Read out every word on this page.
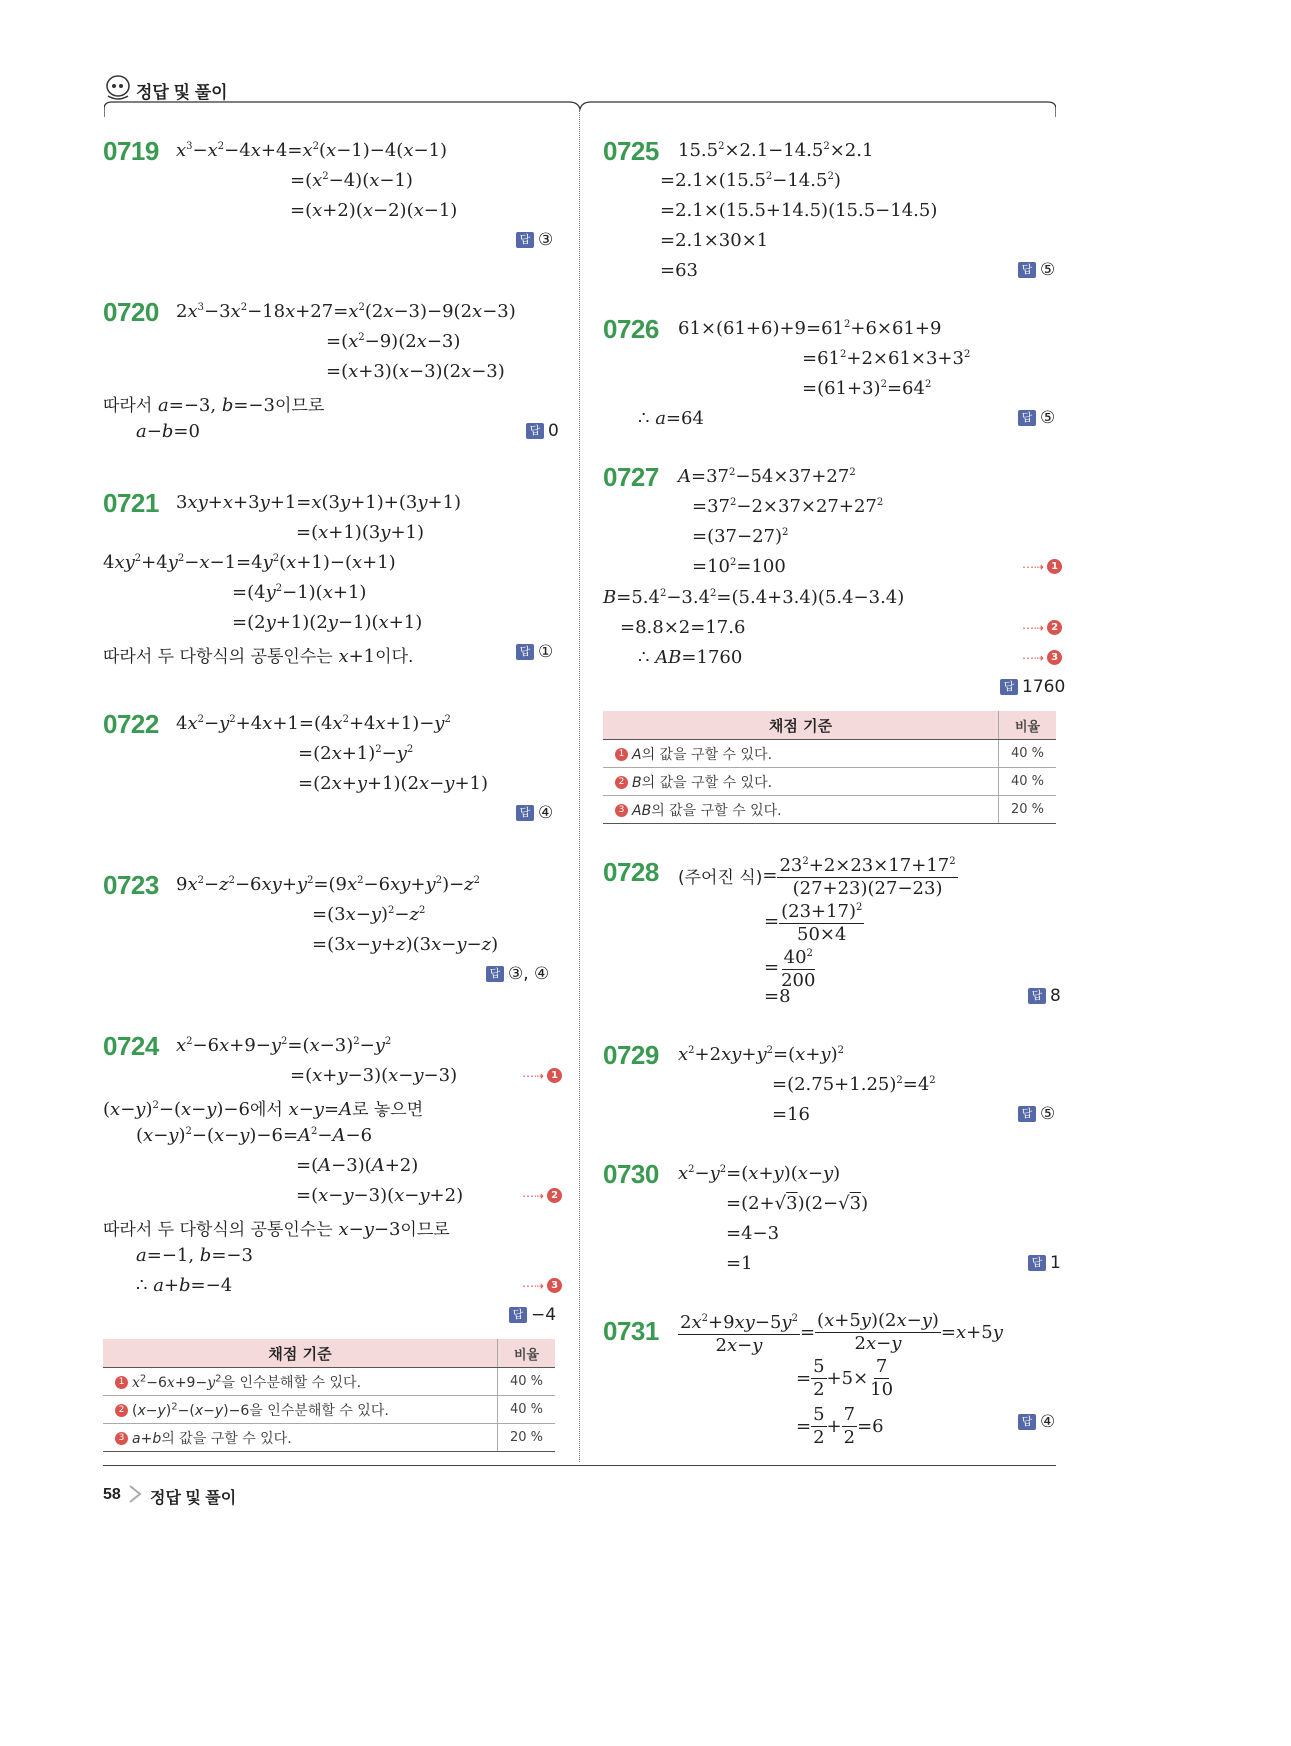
정답 및 풀이
0719 $x^3-x^2-4x+4=x^2(x-1)-4(x-1)$
$=(x^2-4)(x-1)$
=(x+2)(x−2)(x−1)
답 ③
0720 $2x^3-3x^2-18x+27=x^2(2x-3)-9(2x-3)$
$=(x^2-9)(2x-3)$
=(x+3)(x−3)(2x−3)
따라서 a=−3, b=−3이므로
a−b=0	답 0
0721 3xy+x+3y+1=x(3y+1)+(3y+1)
=(x+1)(3y+1)
$4xy^2+4y^2-x-1=4y^2(x+1)-(x+1)$
$=(4y^2-1)(x+1)$
=(2y+1)(2y−1)(x+1)
따라서 두 다항식의 공통인수는 x+1이다.	답 ①
0722 $4x^2-y^2+4x+1=(4x^2+4x+1)-y^2$
$=(2x+1)^2-y^2$
=(2x+y+1)(2x−y+1)
답 ④
0723 $9x^2-z^2-6xy+y^2=(9x^2-6xy+y^2)-z^2$
$=(3x-y)^2-z^2$
=(3x−y+z)(3x−y−z)
답 ③, ④
0724 $x^2-6x+9-y^2=(x-3)^2-y^2$
=(x+y−3)(x−y−3)	⋯⇢ 1
$(x-y)^2-(x-y)-6$에서 x−y=A로 놓으면
$(x-y)^2-(x-y)-6=A^2-A-6$
=(A−3)(A+2)
=(x−y−3)(x−y+2)	⋯⇢ 2
따라서 두 다항식의 공통인수는 x−y−3이므로
a=−1, b=−3
∴ a+b=−4	⋯⇢ 3
답 −4
채점 기준	비율
1 $x^2-6x+9-y^2$을 인수분해할 수 있다.	40 %
2 $(x-y)^2-(x-y)-6$을 인수분해할 수 있다.	40 %
3 a+b의 값을 구할 수 있다.	20 %
0725 $15.5^2\times 2.1-14.5^2\times 2.1$
$=2.1\times(15.5^2-14.5^2)$
=2.1×(15.5+14.5)(15.5−14.5)
=2.1×30×1
=63	답 ⑤
0726 $61\times(61+6)+9=61^2+6\times 61+9$
$=61^2+2\times 61\times 3+3^2$
$=(61+3)^2=64^2$
∴ a=64	답 ⑤
0727 $A=37^2-54\times 37+27^2$
$=37^2-2\times 37\times 27+27^2$
$=(37-27)^2$
$=10^2=100$	⋯⇢ 1
$B=5.4^2-3.4^2=(5.4+3.4)(5.4-3.4)$
=8.8×2=17.6	⋯⇢ 2
∴ AB=1760	⋯⇢ 3
답 1760
채점 기준	비율
1 A의 값을 구할 수 있다.	40 %
2 B의 값을 구할 수 있다.	40 %
3 AB의 값을 구할 수 있다.	20 %
0728 (주어진 식) = $\frac{23^2+2\times 23\times 17+17^2}{(27+23)(27-23)}$
= $\frac{(23+17)^2}{50\times 4}$
= $\frac{40^2}{200}$
=8	답 8
0729 $x^2+2xy+y^2=(x+y)^2$
$=(2.75+1.25)^2=4^2$
=16	답 ⑤
0730 $x^2-y^2=(x+y)(x-y)$
=(2+√3)(2−√3)
=4−3
=1	답 1
$0731 \frac{2x^2+9xy-5y^2}{2x-y} = \frac{(x+5y)(2x-y)}{2x-y} = x +5$ y
= $\frac{5}{2} +5\times \frac{7}{10}$
= $\frac{5}{2} + \frac{7}{2} =6$	답 ④
58 정답 및 풀이
